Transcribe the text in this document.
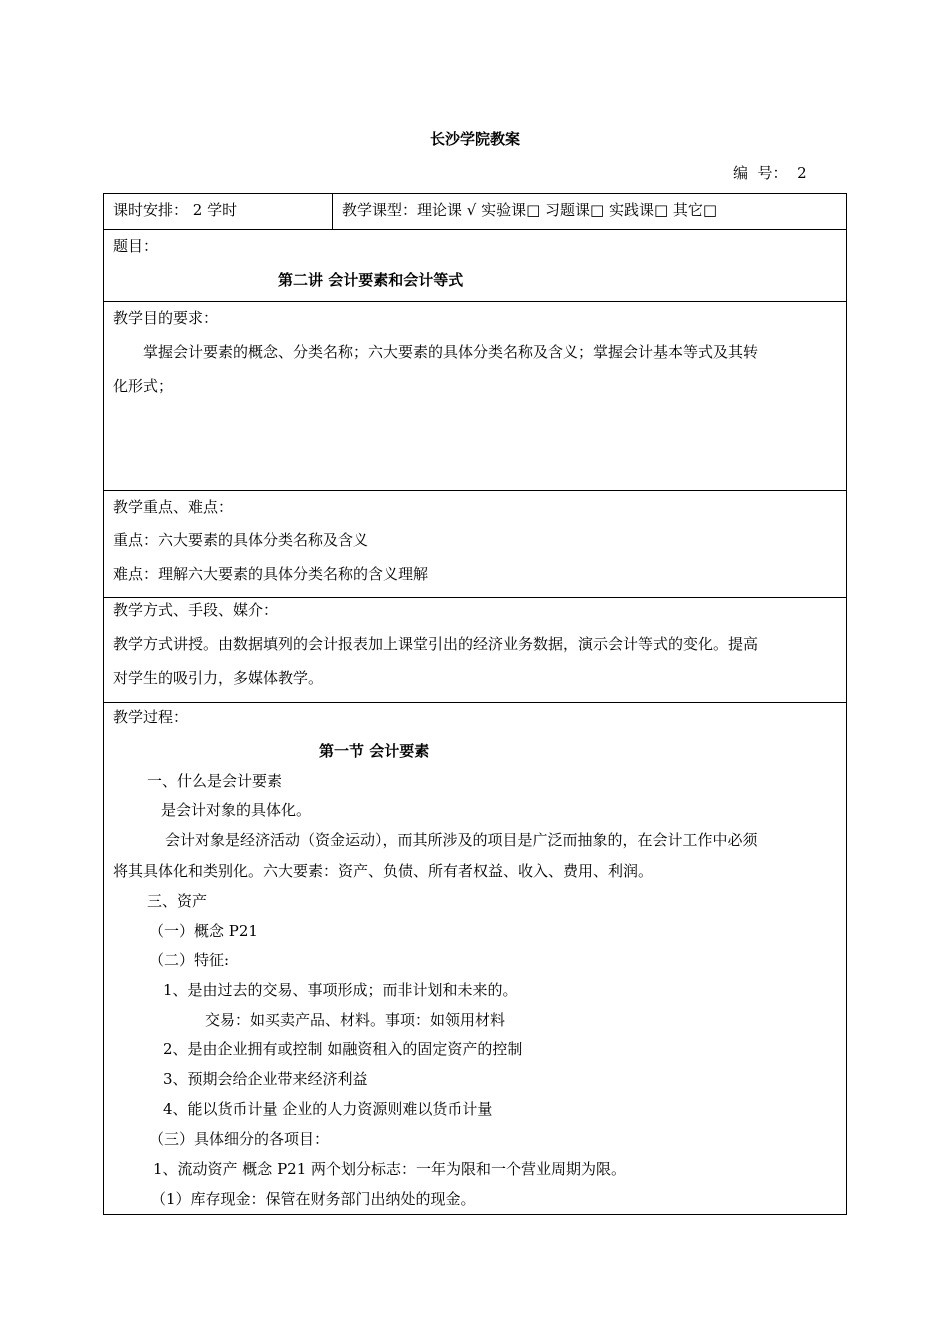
长沙学院教案
编  号： 2
课时安排： 2 学时	教学课型：理论课 √ 实验课□ 习题课□ 实践课□ 其它□
题目：
第二讲 会计要素和会计等式
教学目的要求：
掌握会计要素的概念、分类名称；六大要素的具体分类名称及含义；掌握会计基本等式及其转
化形式；
教学重点、难点：
重点：六大要素的具体分类名称及含义
难点：理解六大要素的具体分类名称的含义理解
教学方式、手段、媒介：
教学方式讲授。由数据填列的会计报表加上课堂引出的经济业务数据，演示会计等式的变化。提高
对学生的吸引力，多媒体教学。
教学过程：
第一节 会计要素
一、什么是会计要素
是会计对象的具体化。
会计对象是经济活动（资金运动），而其所涉及的项目是广泛而抽象的，在会计工作中必须
将其具体化和类别化。六大要素：资产、负债、所有者权益、收入、费用、利润。
三、资产
（一）概念 P21
（二）特征:
1、是由过去的交易、事项形成；而非计划和未来的。
交易：如买卖产品、材料。事项：如领用材料
2、是由企业拥有或控制 如融资租入的固定资产的控制
3、预期会给企业带来经济利益
4、能以货币计量 企业的人力资源则难以货币计量
（三）具体细分的各项目：
1、流动资产 概念 P21 两个划分标志：一年为限和一个营业周期为限。
（1）库存现金：保管在财务部门出纳处的现金。
